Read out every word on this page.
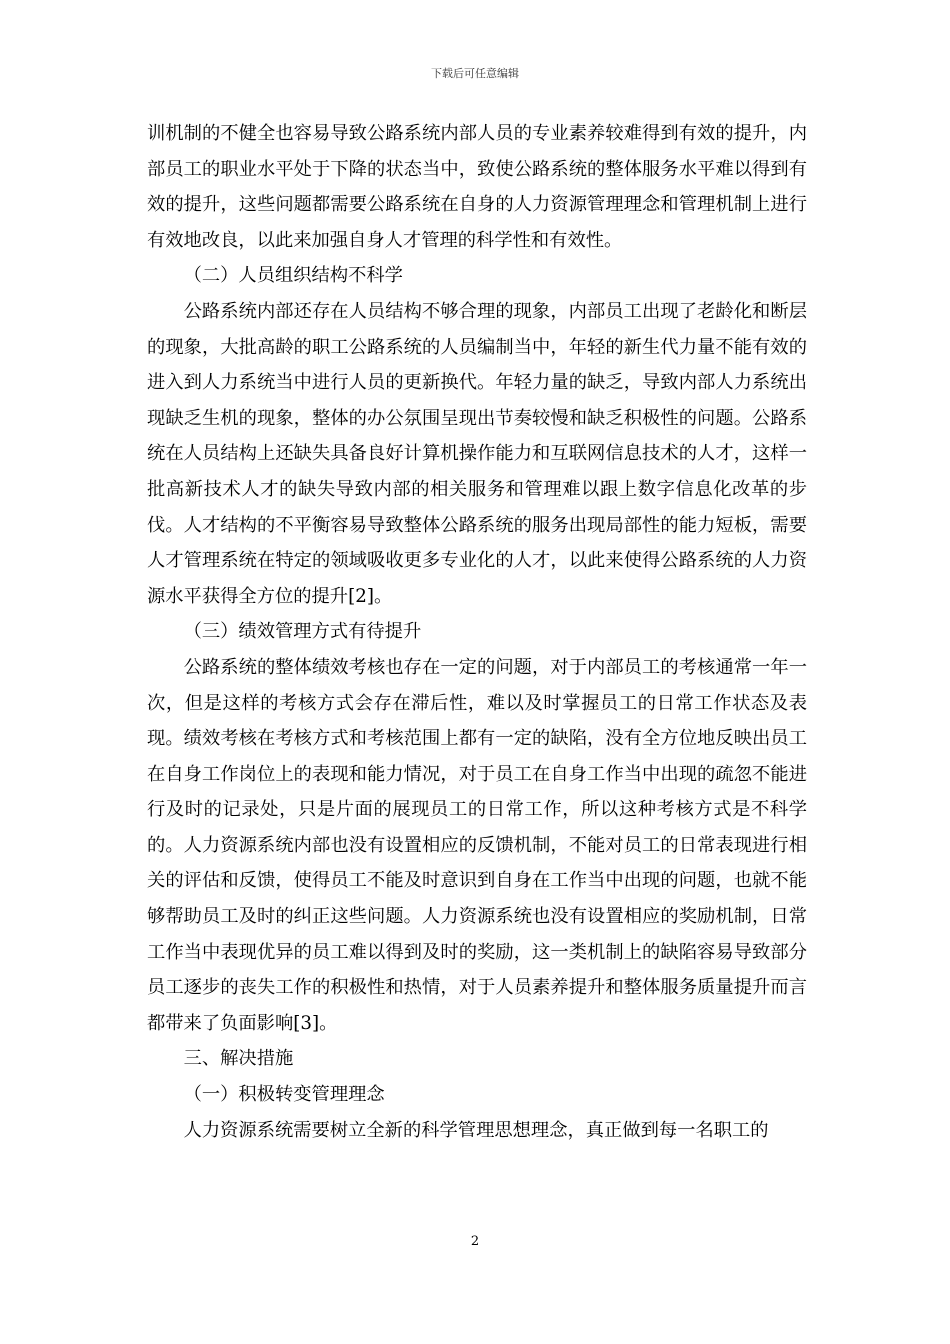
下载后可任意编辑

训机制的不健全也容易导致公路系统内部人员的专业素养较难得到有效的提升，内部员工的职业水平处于下降的状态当中，致使公路系统的整体服务水平难以得到有效的提升，这些问题都需要公路系统在自身的人力资源管理理念和管理机制上进行有效地改良，以此来加强自身人才管理的科学性和有效性。

（二）人员组织结构不科学

公路系统内部还存在人员结构不够合理的现象，内部员工出现了老龄化和断层的现象，大批高龄的职工公路系统的人员编制当中，年轻的新生代力量不能有效的进入到人力系统当中进行人员的更新换代。年轻力量的缺乏，导致内部人力系统出现缺乏生机的现象，整体的办公氛围呈现出节奏较慢和缺乏积极性的问题。公路系统在人员结构上还缺失具备良好计算机操作能力和互联网信息技术的人才，这样一批高新技术人才的缺失导致内部的相关服务和管理难以跟上数字信息化改革的步伐。人才结构的不平衡容易导致整体公路系统的服务出现局部性的能力短板，需要人才管理系统在特定的领域吸收更多专业化的人才，以此来使得公路系统的人力资源水平获得全方位的提升[2]。

（三）绩效管理方式有待提升

公路系统的整体绩效考核也存在一定的问题，对于内部员工的考核通常一年一次，但是这样的考核方式会存在滞后性，难以及时掌握员工的日常工作状态及表现。绩效考核在考核方式和考核范围上都有一定的缺陷，没有全方位地反映出员工在自身工作岗位上的表现和能力情况，对于员工在自身工作当中出现的疏忽不能进行及时的记录处，只是片面的展现员工的日常工作，所以这种考核方式是不科学的。人力资源系统内部也没有设置相应的反馈机制，不能对员工的日常表现进行相关的评估和反馈，使得员工不能及时意识到自身在工作当中出现的问题，也就不能够帮助员工及时的纠正这些问题。人力资源系统也没有设置相应的奖励机制，日常工作当中表现优异的员工难以得到及时的奖励，这一类机制上的缺陷容易导致部分员工逐步的丧失工作的积极性和热情，对于人员素养提升和整体服务质量提升而言都带来了负面影响[3]。

三、解决措施

（一）积极转变管理理念

人力资源系统需要树立全新的科学管理思想理念，真正做到每一名职工的

2
